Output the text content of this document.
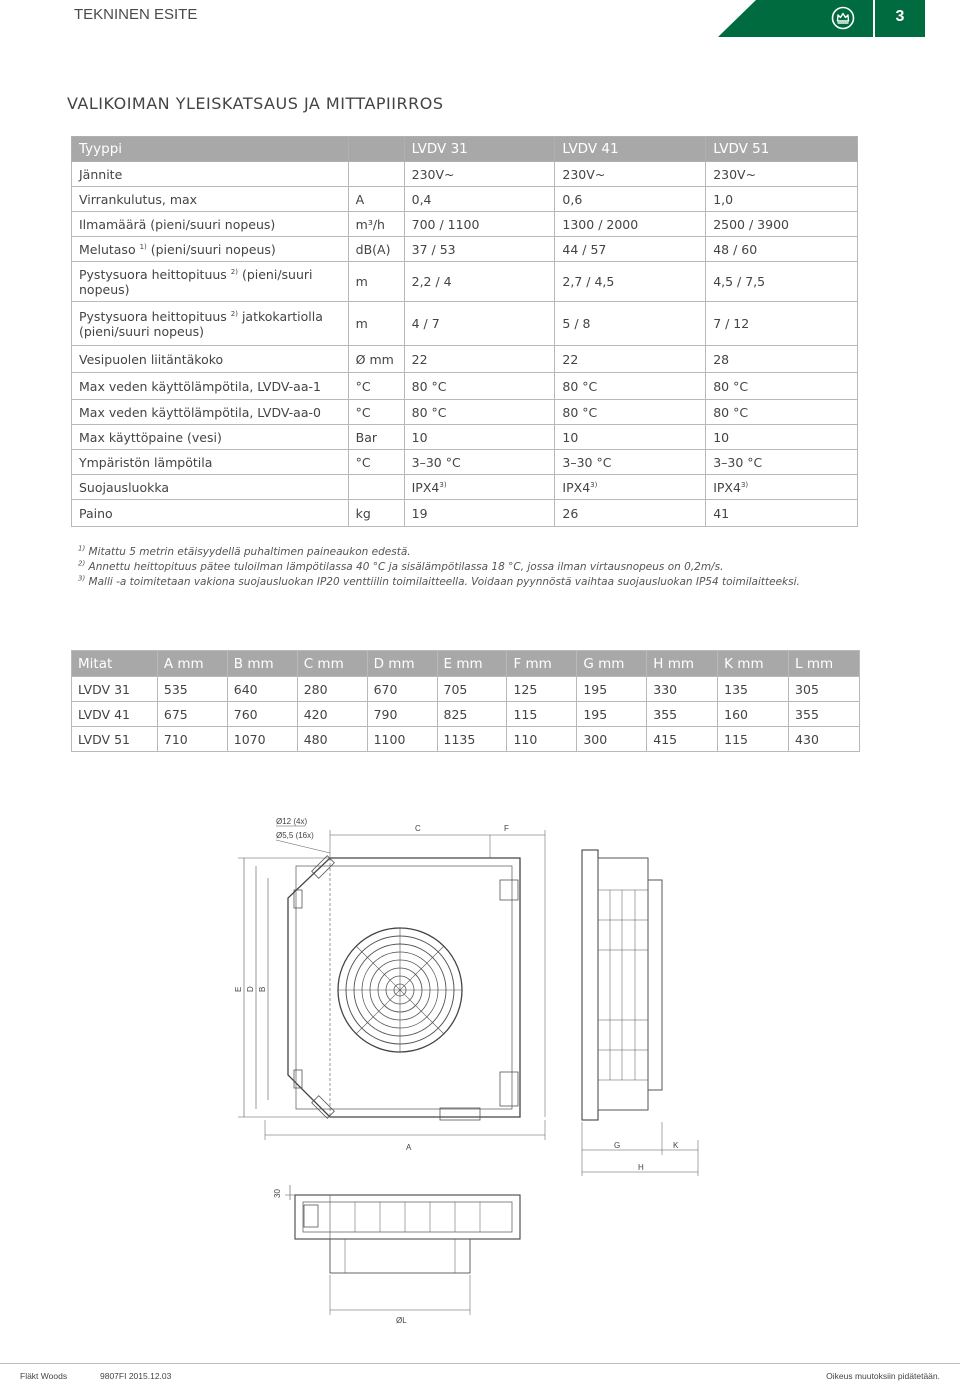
TEKNINEN ESITE	3
VALIKOIMAN YLEISKATSAUS JA MITTAPIIRROS
Tyyppi		LVDV 31	LVDV 41	LVDV 51
Jännite		230V~	230V~	230V~
Virrankulutus, max	A	0,4	0,6	1,0
Ilmamäärä (pieni/suuri nopeus)	m³/h	700 / 1100	1300 / 2000	2500 / 3900
Melutaso $^{1)}$ (pieni/suuri nopeus)	dB(A)	37 / 53	44 / 57	48 / 60
Pystysuora heittopituus $^{2)}$ (pieni/suuri nopeus)	m	2,2 / 4	2,7 / 4,5	4,5 / 7,5
Pystysuora heittopituus $^{2)}$ jatkokartiolla (pieni/suuri nopeus)	m	4 / 7	5 / 8	7 / 12
Vesipuolen liitäntäkoko	Ø mm	22	22	28
Max veden käyttölämpötila, LVDV-aa-1	°C	80 °C	80 °C	80 °C
Max veden käyttölämpötila, LVDV-aa-0	°C	80 °C	80 °C	80 °C
Max käyttöpaine (vesi)	Bar	10	10	10
Ympäristön lämpötila	°C	3–30 °C	3–30 °C	3–30 °C
Suojausluokka		IPX4$^{3)}$	IPX4$^{3)}$	IPX4$^{3)}$
Paino	kg	19	26	41
$^{1)}$ Mitattu 5 metrin etäisyydellä puhaltimen paineaukon edestä.
$^{2)}$ Annettu heittopituus pätee tuloilman lämpötilassa 40 °C ja sisälämpötilassa 18 °C, jossa ilman virtausnopeus on 0,2m/s.
$^{3)}$ Malli -a toimitetaan vakiona suojausluokan IP20 venttiilin toimilaitteella. Voidaan pyynnöstä vaihtaa suojausluokan IP54 toimilaitteeksi.
Mitat	A mm	B mm	C mm	D mm	E mm	F mm	G mm	H mm	K mm	L mm
LVDV 31	535	640	280	670	705	125	195	330	135	305
LVDV 41	675	760	420	790	825	115	195	355	160	355
LVDV 51	710	1070	480	1100	1135	110	300	415	115	430
Ø12 (4x)
Ø5,5 (16x)
C	F
A
E D B
G	K
H
30
ØL
Fläkt Woods	9807FI 2015.12.03	Oikeus muutoksiin pidätetään.
